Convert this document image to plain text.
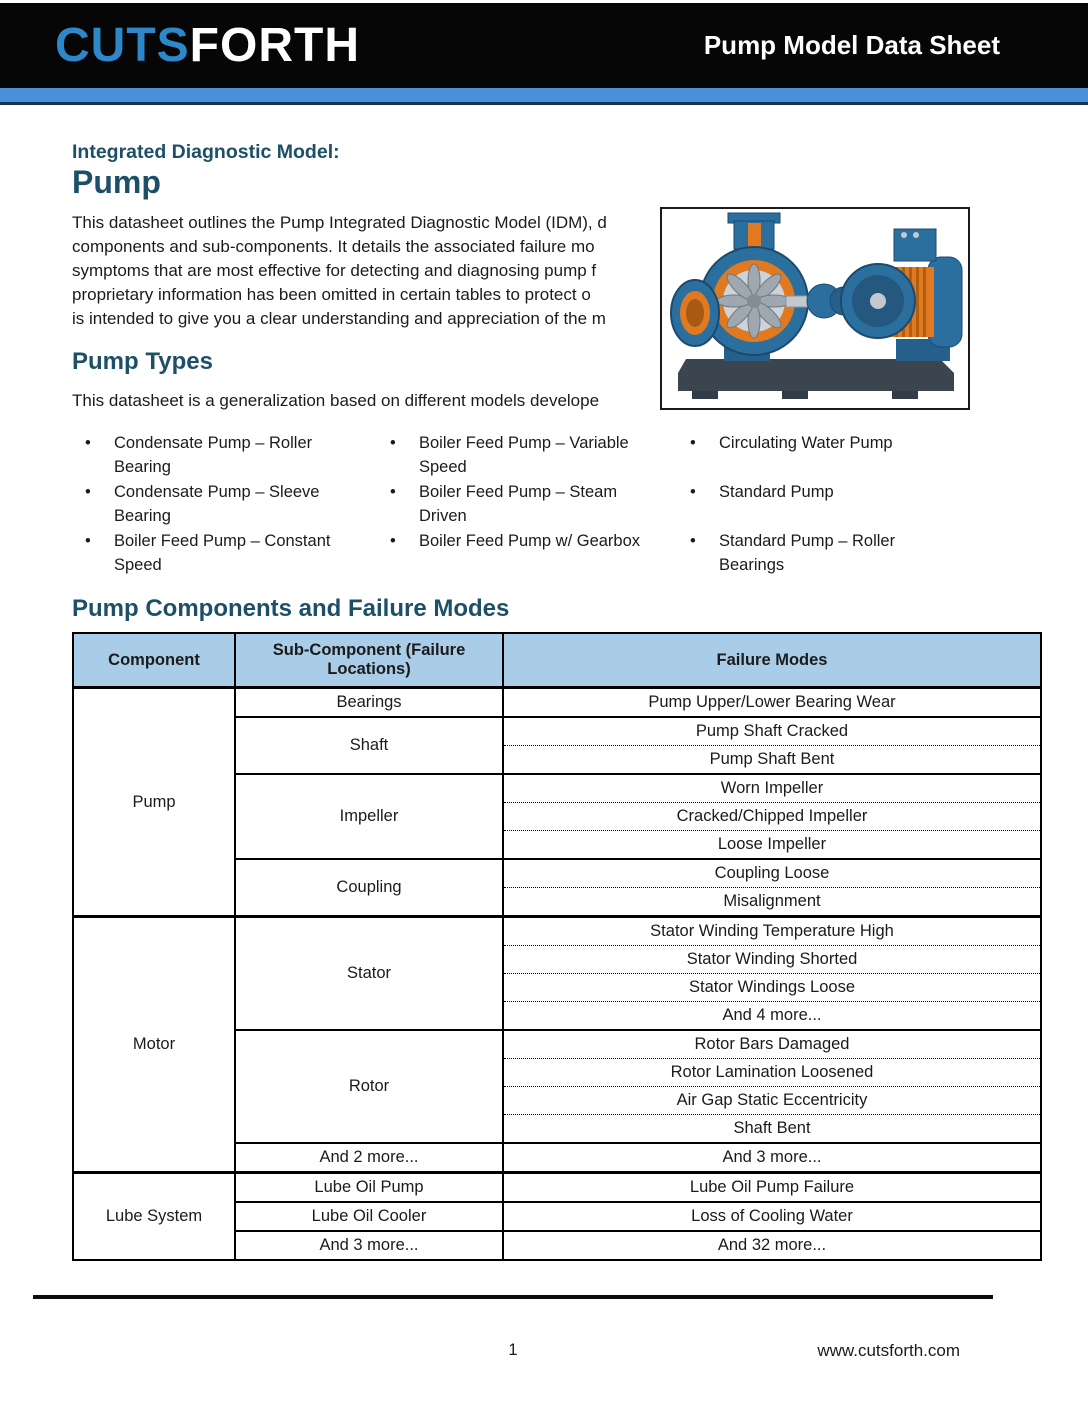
CUTSFORTH	Pump Model Data Sheet
Integrated Diagnostic Model:
Pump
This datasheet outlines the Pump Integrated Diagnostic Model (IDM), d
components and sub-components. It details the associated failure mo
symptoms that are most effective for detecting and diagnosing pump f
proprietary information has been omitted in certain tables to protect o
is intended to give you a clear understanding and appreciation of the m
Pump Types
This datasheet is a generalization based on different models develope
• Condensate Pump – Roller Bearing
• Condensate Pump – Sleeve Bearing
• Boiler Feed Pump – Constant Speed
• Boiler Feed Pump – Variable Speed
• Boiler Feed Pump – Steam Driven
• Boiler Feed Pump w/ Gearbox
• Circulating Water Pump
• Standard Pump
• Standard Pump – Roller Bearings
Pump Components and Failure Modes
Component	Sub-Component (Failure Locations)	Failure Modes
Pump	Bearings	Pump Upper/Lower Bearing Wear
	Shaft	Pump Shaft Cracked
		Pump Shaft Bent
	Impeller	Worn Impeller
		Cracked/Chipped Impeller
		Loose Impeller
	Coupling	Coupling Loose
		Misalignment
Motor	Stator	Stator Winding Temperature High
		Stator Winding Shorted
		Stator Windings Loose
		And 4 more...
	Rotor	Rotor Bars Damaged
		Rotor Lamination Loosened
		Air Gap Static Eccentricity
		Shaft Bent
	And 2 more...	And 3 more...
Lube System	Lube Oil Pump	Lube Oil Pump Failure
	Lube Oil Cooler	Loss of Cooling Water
	And 3 more...	And 32 more...
1	www.cutsforth.com
